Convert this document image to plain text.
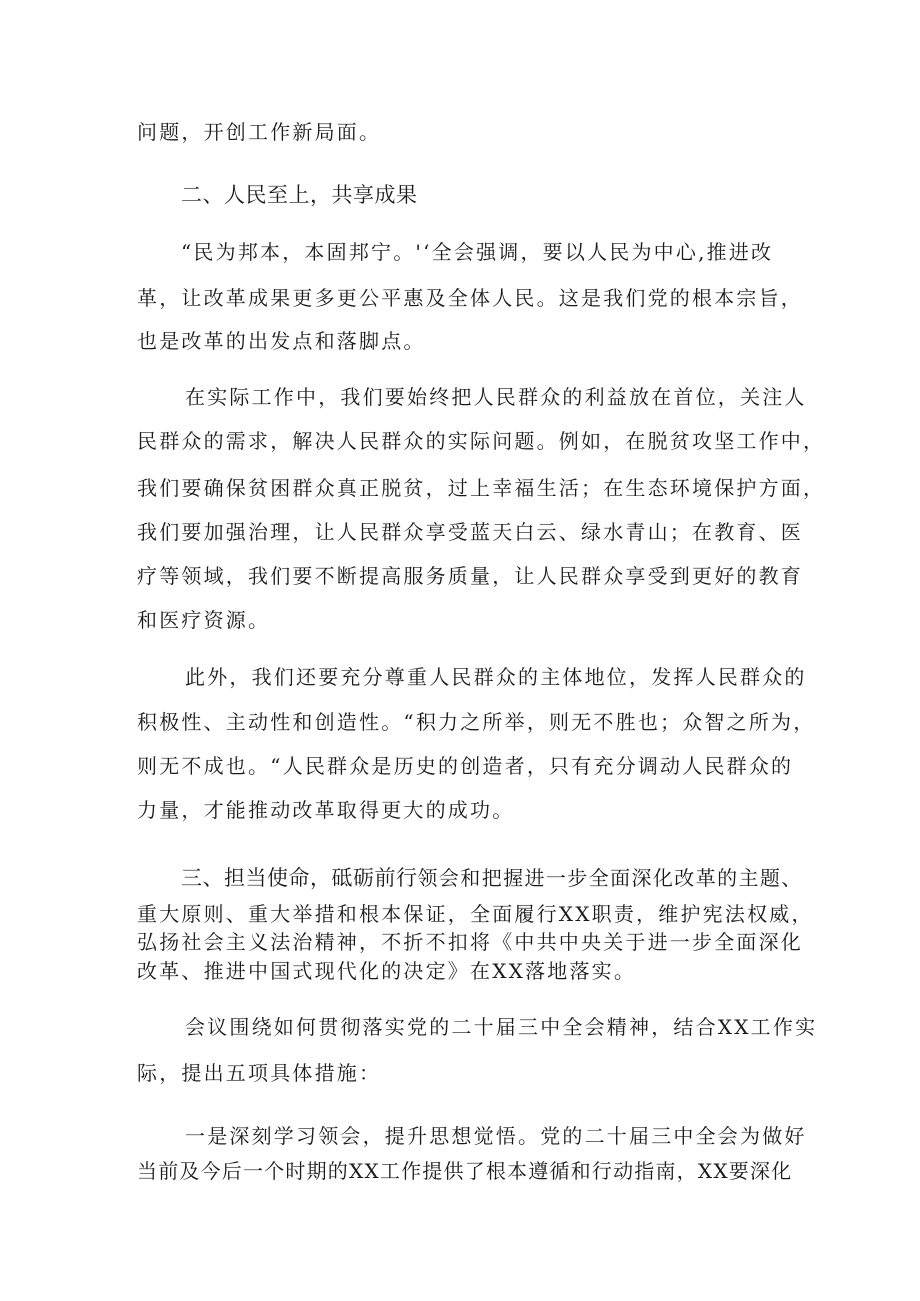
问题，开创工作新局面。
二、人民至上，共享成果
“民为邦本，本固邦宁。'‘全会强调，要以人民为中心,推进改
革，让改革成果更多更公平惠及全体人民。这是我们党的根本宗旨，
也是改革的出发点和落脚点。
在实际工作中，我们要始终把人民群众的利益放在首位，关注人
民群众的需求，解决人民群众的实际问题。例如，在脱贫攻坚工作中，
我们要确保贫困群众真正脱贫，过上幸福生活；在生态环境保护方面，
我们要加强治理，让人民群众享受蓝天白云、绿水青山；在教育、医
疗等领域，我们要不断提高服务质量，让人民群众享受到更好的教育
和医疗资源。
此外，我们还要充分尊重人民群众的主体地位，发挥人民群众的
积极性、主动性和创造性。“积力之所举，则无不胜也；众智之所为，
则无不成也。“人民群众是历史的创造者，只有充分调动人民群众的
力量，才能推动改革取得更大的成功。
三、担当使命，砥砺前行领会和把握进一步全面深化改革的主题、
重大原则、重大举措和根本保证，全面履行XX职责，维护宪法权威，
弘扬社会主义法治精神，不折不扣将《中共中央关于进一步全面深化
改革、推进中国式现代化的决定》在XX落地落实。
会议围绕如何贯彻落实党的二十届三中全会精神，结合XX工作实
际，提出五项具体措施：
一是深刻学习领会，提升思想觉悟。党的二十届三中全会为做好
当前及今后一个时期的XX工作提供了根本遵循和行动指南，XX要深化
